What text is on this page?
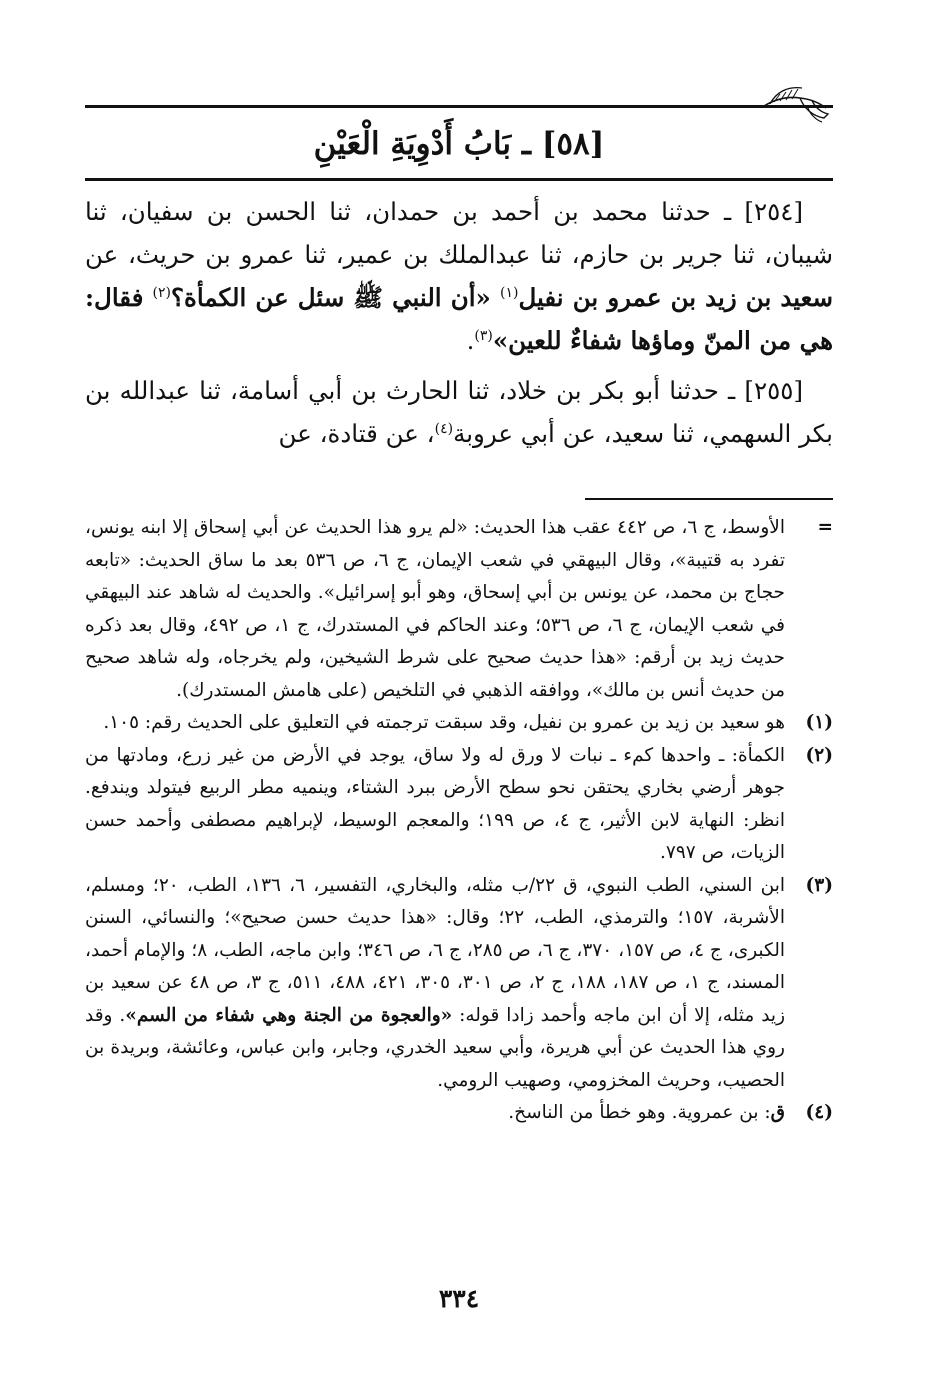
[٥٨] ـ بَابُ أَدْوِيَةِ الْعَيْنِ

[٢٥٤] ـ حدثنا محمد بن أحمد بن حمدان، ثنا الحسن بن سفيان، ثنا شيبان، ثنا جرير بن حازم، ثنا عبدالملك بن عمير، ثنا عمرو بن حريث، عن سعيد بن زيد بن عمرو بن نفيل$^{(١)}$ «أن النبي ﷺ سئل عن الكمأة؟$^{(٢)}$ فقال: هي من المنّ وماؤها شفاءٌ للعين»$^{(٣)}$.

[٢٥٥] ـ حدثنا أبو بكر بن خلاد، ثنا الحارث بن أبي أسامة، ثنا عبدالله بن بكر السهمي، ثنا سعيد، عن أبي عروبة$^{(٤)}$، عن قتادة، عن

=
الأوسط، ج ٦، ص ٤٤٢ عقب هذا الحديث: «لم يرو هذا الحديث عن أبي إسحاق إلا ابنه يونس، تفرد به قتيبة»، وقال البيهقي في شعب الإيمان، ج ٦، ص ٥٣٦ بعد ما ساق الحديث: «تابعه حجاج بن محمد، عن يونس بن أبي إسحاق، وهو أبو إسرائيل». والحديث له شاهد عند البيهقي في شعب الإيمان، ج ٦، ص ٥٣٦؛ وعند الحاكم في المستدرك، ج ١، ص ٤٩٢، وقال بعد ذكره حديث زيد بن أرقم: «هذا حديث صحيح على شرط الشيخين، ولم يخرجاه، وله شاهد صحيح من حديث أنس بن مالك»، ووافقه الذهبي في التلخيص (على هامش المستدرك).
(١)
هو سعيد بن زيد بن عمرو بن نفيل، وقد سبقت ترجمته في التعليق على الحديث رقم: ١٠٥.
(٢)
الكمأة: ـ واحدها كمء ـ نبات لا ورق له ولا ساق، يوجد في الأرض من غير زرع، ومادتها من جوهر أرضي بخاري يحتقن نحو سطح الأرض ببرد الشتاء، وينميه مطر الربيع فيتولد ويندفع. انظر: النهاية لابن الأثير، ج ٤، ص ١٩٩؛ والمعجم الوسيط، لإبراهيم مصطفى وأحمد حسن الزيات، ص ٧٩٧.
(٣)
ابن السني، الطب النبوي، ق ٢٢/ب مثله، والبخاري، التفسير، ٦، ١٣٦، الطب، ٢٠؛ ومسلم، الأشربة، ١٥٧؛ والترمذي، الطب، ٢٢؛ وقال: «هذا حديث حسن صحيح»؛ والنسائي، السنن الكبرى، ج ٤، ص ١٥٧، ٣٧٠، ج ٦، ص ٢٨٥، ج ٦، ص ٣٤٦؛ وابن ماجه، الطب، ٨؛ والإمام أحمد، المسند، ج ١، ص ١٨٧، ١٨٨، ج ٢، ص ٣٠١، ٣٠٥، ٤٢١، ٤٨٨، ٥١١، ج ٣، ص ٤٨ عن سعيد بن زيد مثله، إلا أن ابن ماجه وأحمد زادا قوله: «والعجوة من الجنة وهي شفاء من السم». وقد روي هذا الحديث عن أبي هريرة، وأبي سعيد الخدري، وجابر، وابن عباس، وعائشة، وبريدة بن الحصيب، وحريث المخزومي، وصهيب الرومي.
(٤)
ق: بن عمروية. وهو خطأ من الناسخ.
٣٣٤
